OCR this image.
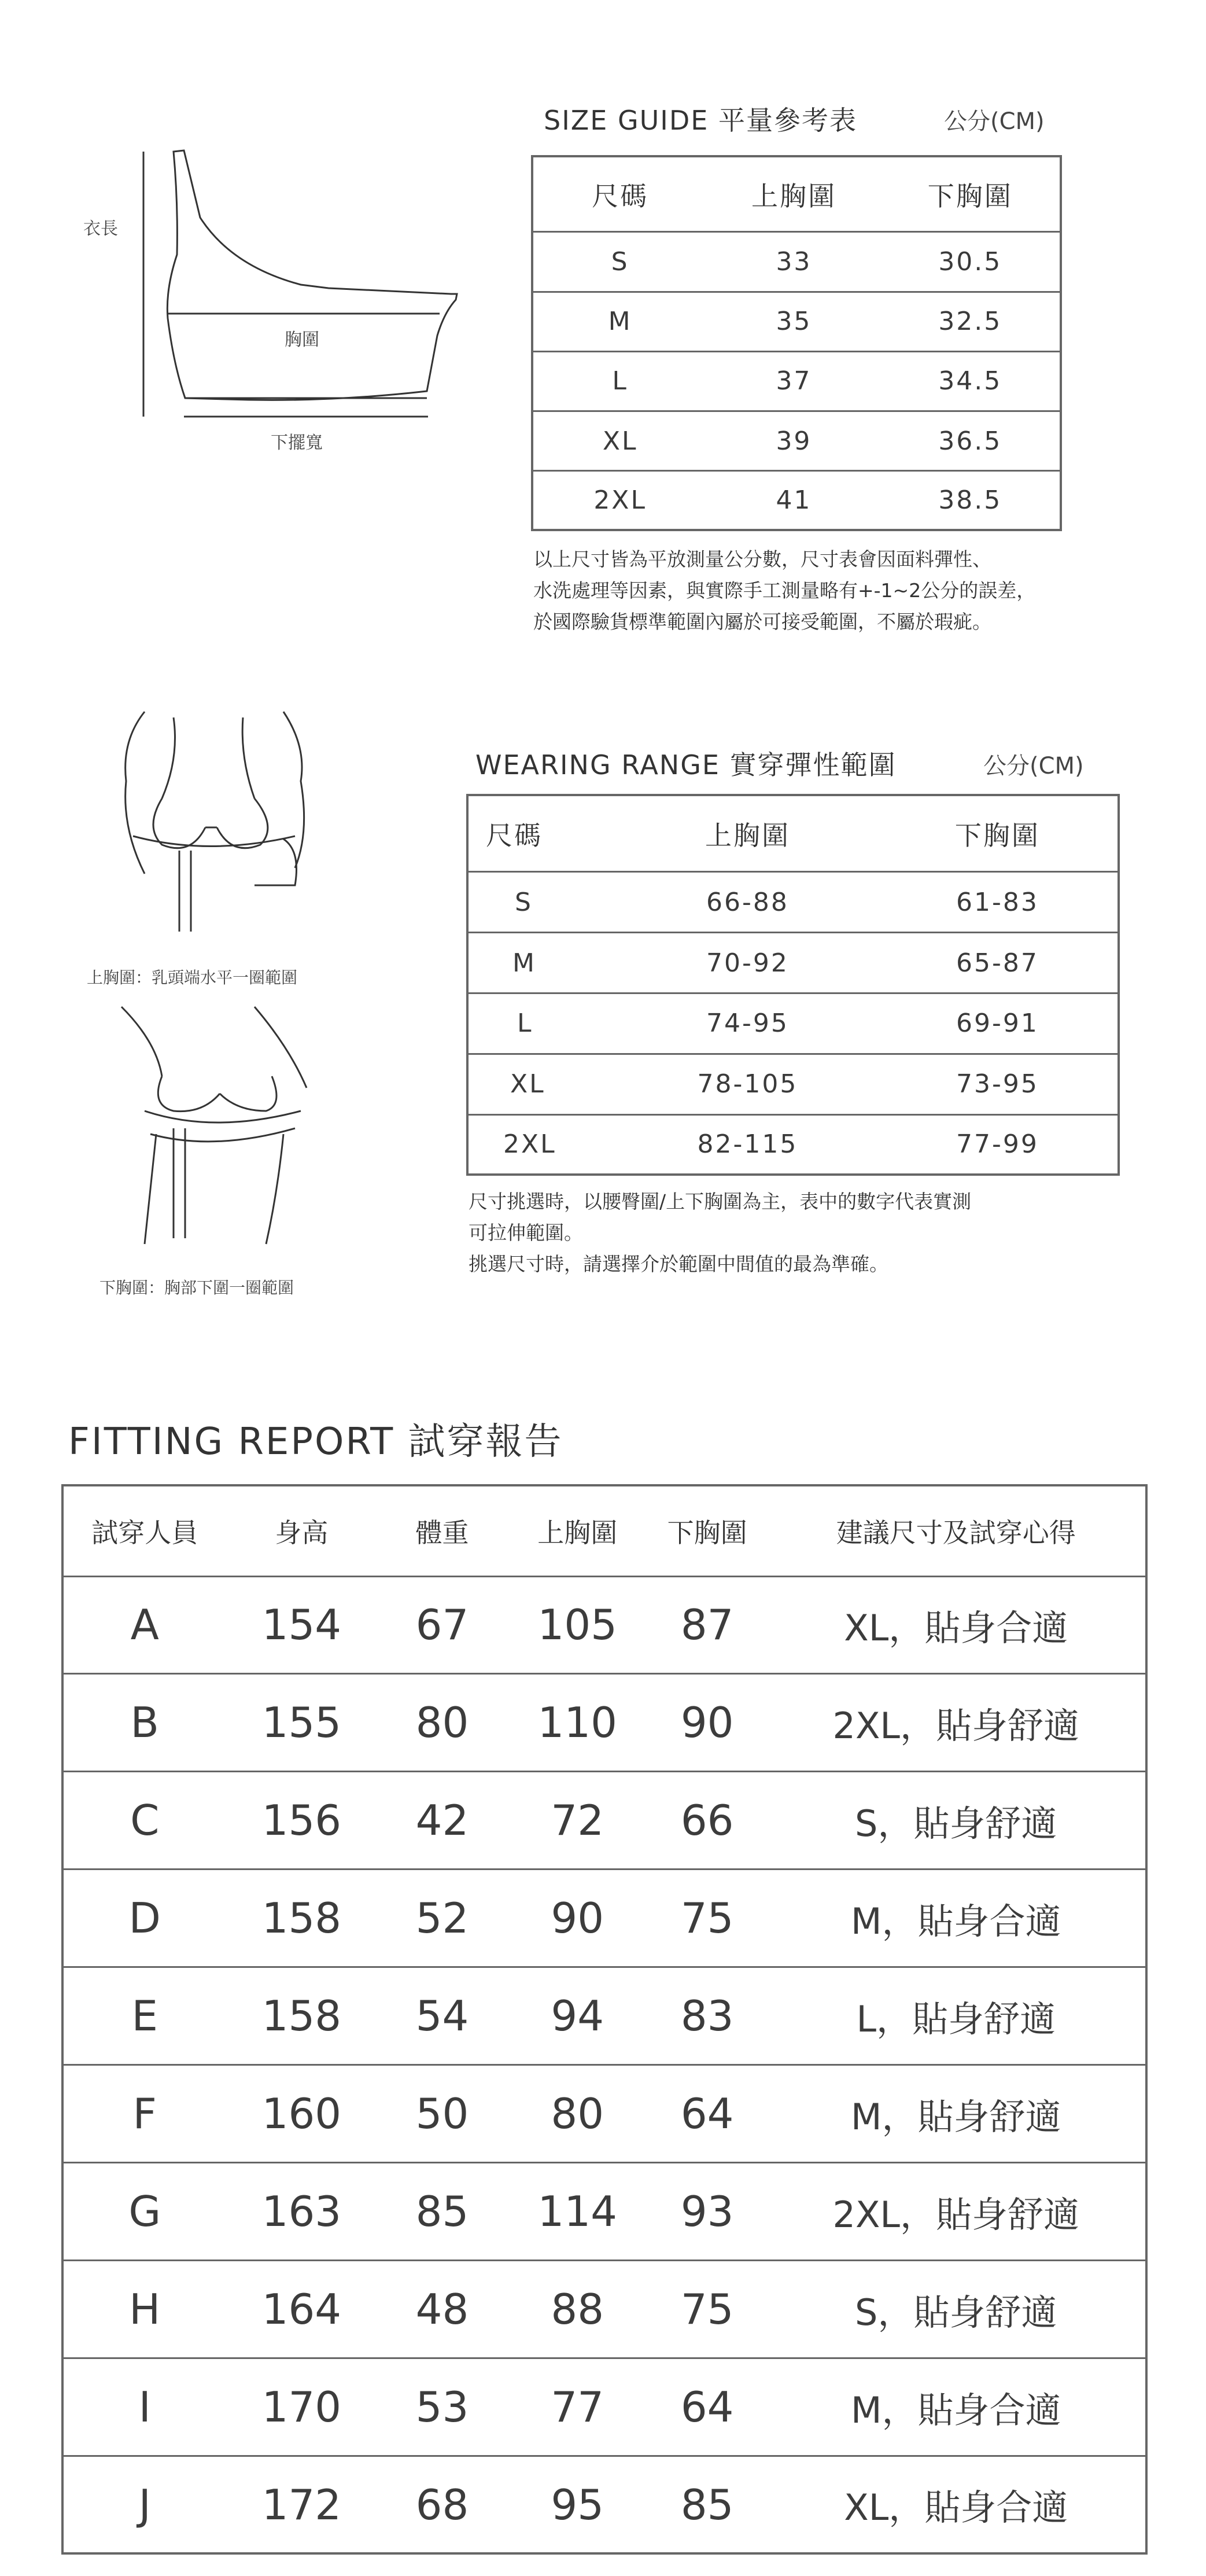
SIZE GUIDE 平量參考表	公分(CM)
衣長
胸圍
下擺寬
尺碼	上胸圍	下胸圍
S	33	30.5
M	35	32.5
L	37	34.5
XL	39	36.5
2XL	41	38.5
以上尺寸皆為平放測量公分數，尺寸表會因面料彈性、
水洗處理等因素，與實際手工測量略有+-1~2公分的誤差，
於國際驗貨標準範圍內屬於可接受範圍，不屬於瑕疵。
上胸圍：乳頭端水平一圈範圍
下胸圍：胸部下圍一圈範圍
WEARING RANGE 實穿彈性範圍	公分(CM)
尺碼	上胸圍	下胸圍
S	66-88	61-83
M	70-92	65-87
L	74-95	69-91
XL	78-105	73-95
2XL	82-115	77-99
尺寸挑選時，以腰臀圍/上下胸圍為主，表中的數字代表實測
可拉伸範圍。
挑選尺寸時，請選擇介於範圍中間值的最為準確。
FITTING REPORT 試穿報告
試穿人員	身高	體重	上胸圍	下胸圍	建議尺寸及試穿心得
A	154	67	105	87	XL，貼身合適
B	155	80	110	90	2XL，貼身舒適
C	156	42	72	66	S，貼身舒適
D	158	52	90	75	M，貼身合適
E	158	54	94	83	L，貼身舒適
F	160	50	80	64	M，貼身舒適
G	163	85	114	93	2XL，貼身舒適
H	164	48	88	75	S，貼身舒適
I	170	53	77	64	M，貼身合適
J	172	68	95	85	XL，貼身合適
